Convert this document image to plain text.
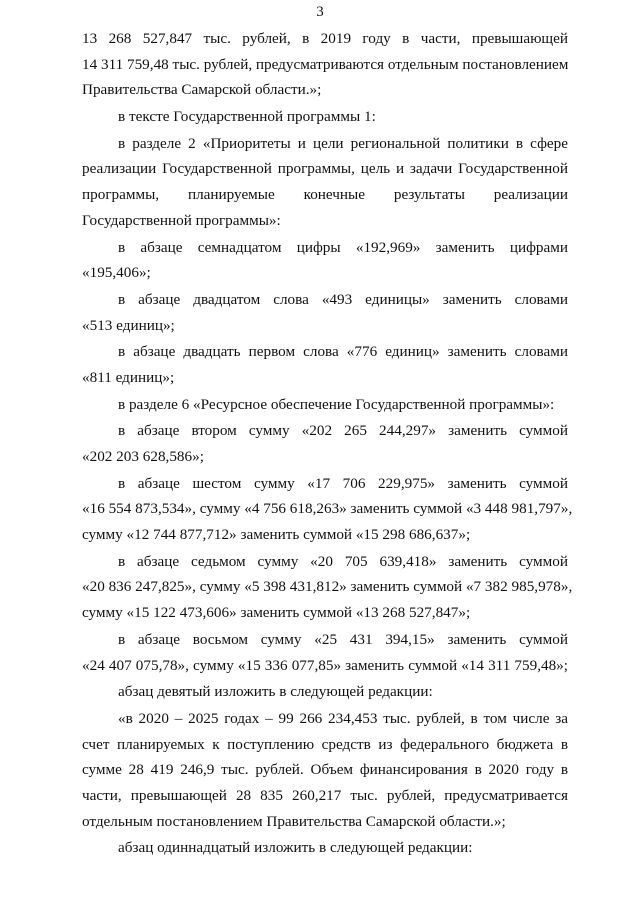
3
13 268 527,847 тыс. рублей, в 2019 году в части, превышающей
14 311 759,48 тыс. рублей, предусматриваются отдельным постановлением
Правительства Самарской области.»;
в тексте Государственной программы 1:
в разделе 2 «Приоритеты и цели региональной политики в сфере
реализации Государственной программы, цель и задачи Государственной
программы, планируемые конечные результаты реализации
Государственной программы»:
в абзаце семнадцатом цифры «192,969» заменить цифрами
«195,406»;
в абзаце двадцатом слова «493 единицы» заменить словами
«513 единиц»;
в абзаце двадцать первом слова «776 единиц» заменить словами
«811 единиц»;
в разделе 6 «Ресурсное обеспечение Государственной программы»:
в абзаце втором сумму «202 265 244,297» заменить суммой
«202 203 628,586»;
в абзаце шестом сумму «17 706 229,975» заменить суммой
«16 554 873,534», сумму «4 756 618,263» заменить суммой «3 448 981,797»,
сумму «12 744 877,712» заменить суммой «15 298 686,637»;
в абзаце седьмом сумму «20 705 639,418» заменить суммой
«20 836 247,825», сумму «5 398 431,812» заменить суммой «7 382 985,978»,
сумму «15 122 473,606» заменить суммой «13 268 527,847»;
в абзаце восьмом сумму «25 431 394,15» заменить суммой
«24 407 075,78», сумму «15 336 077,85» заменить суммой «14 311 759,48»;
абзац девятый изложить в следующей редакции:
«в 2020 – 2025 годах – 99 266 234,453 тыс. рублей, в том числе за
счет планируемых к поступлению средств из федерального бюджета в
сумме 28 419 246,9 тыс. рублей. Объем финансирования в 2020 году в
части, превышающей 28 835 260,217 тыс. рублей, предусматривается
отдельным постановлением Правительства Самарской области.»;
абзац одиннадцатый изложить в следующей редакции:
